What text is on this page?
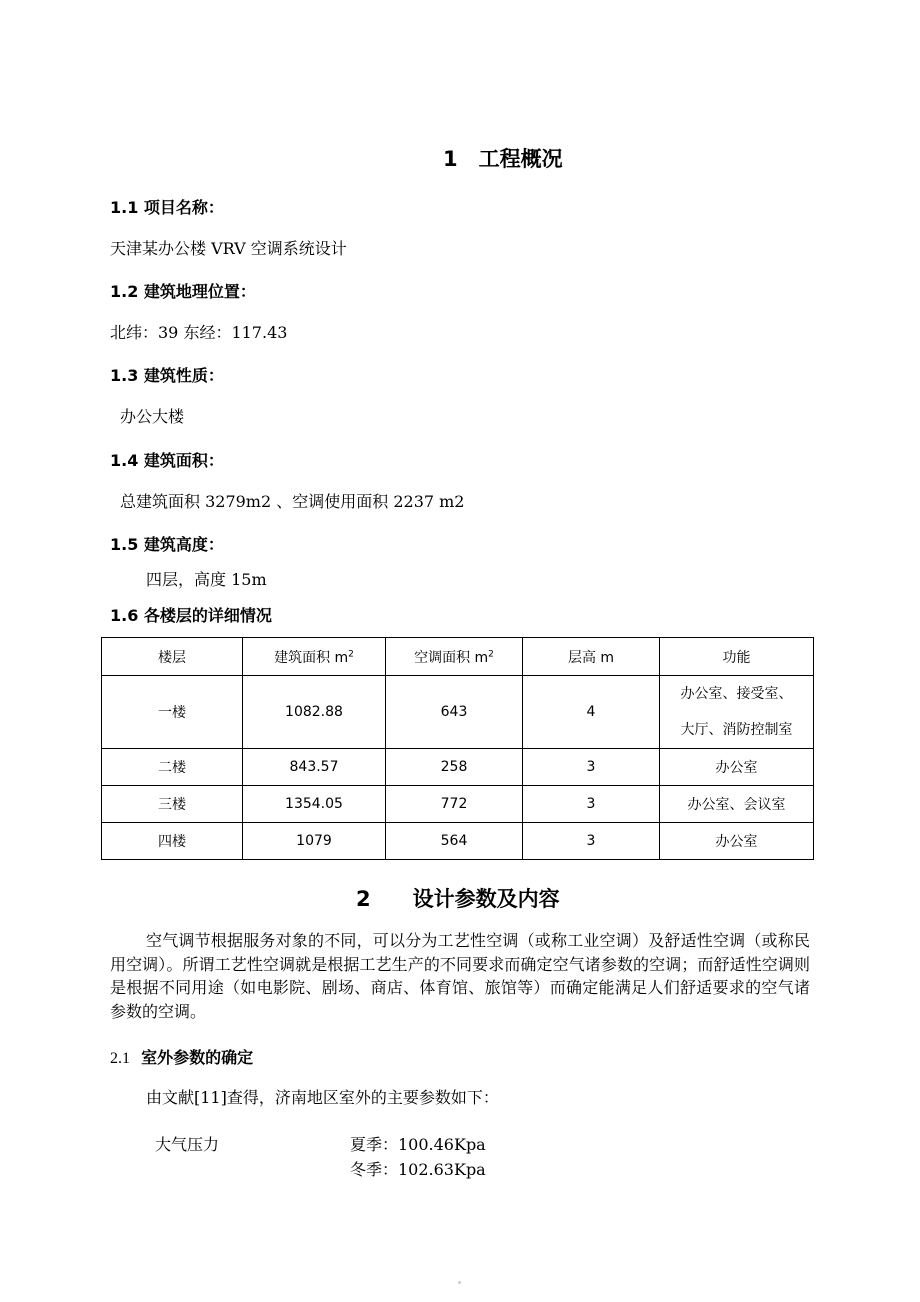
1　工程概况
1.1 项目名称：
天津某办公楼 VRV 空调系统设计
1.2 建筑地理位置：
北纬：39 东经：117.43
1.3 建筑性质：
办公大楼
1.4 建筑面积：
总建筑面积 3279m2 、空调使用面积 2237 m2
1.5 建筑高度：
四层，高度 15m
1.6 各楼层的详细情况
楼层	建筑面积 $m^2$	空调面积 $m^2$	层高 m	功能
一楼	1082.88	643	4	办公室、接受室、
大厅、消防控制室

二楼	843.57	258	3	办公室
三楼	1354.05	772	3	办公室、会议室
四楼	1079	564	3	办公室
2　　设计参数及内容

空气调节根据服务对象的不同，可以分为工艺性空调（或称工业空调）及舒适性空调（或称民用空调）。所谓工艺性空调就是根据工艺生产的不同要求而确定空气诸参数的空调；而舒适性空调则是根据不同用途（如电影院、剧场、商店、体育馆、旅馆等）而确定能满足人们舒适要求的空气诸参数的空调。

2.1 室外参数的确定
由文献[11]查得，济南地区室外的主要参数如下：
大气压力	夏季：100.46Kpa
冬季：102.63Kpa
